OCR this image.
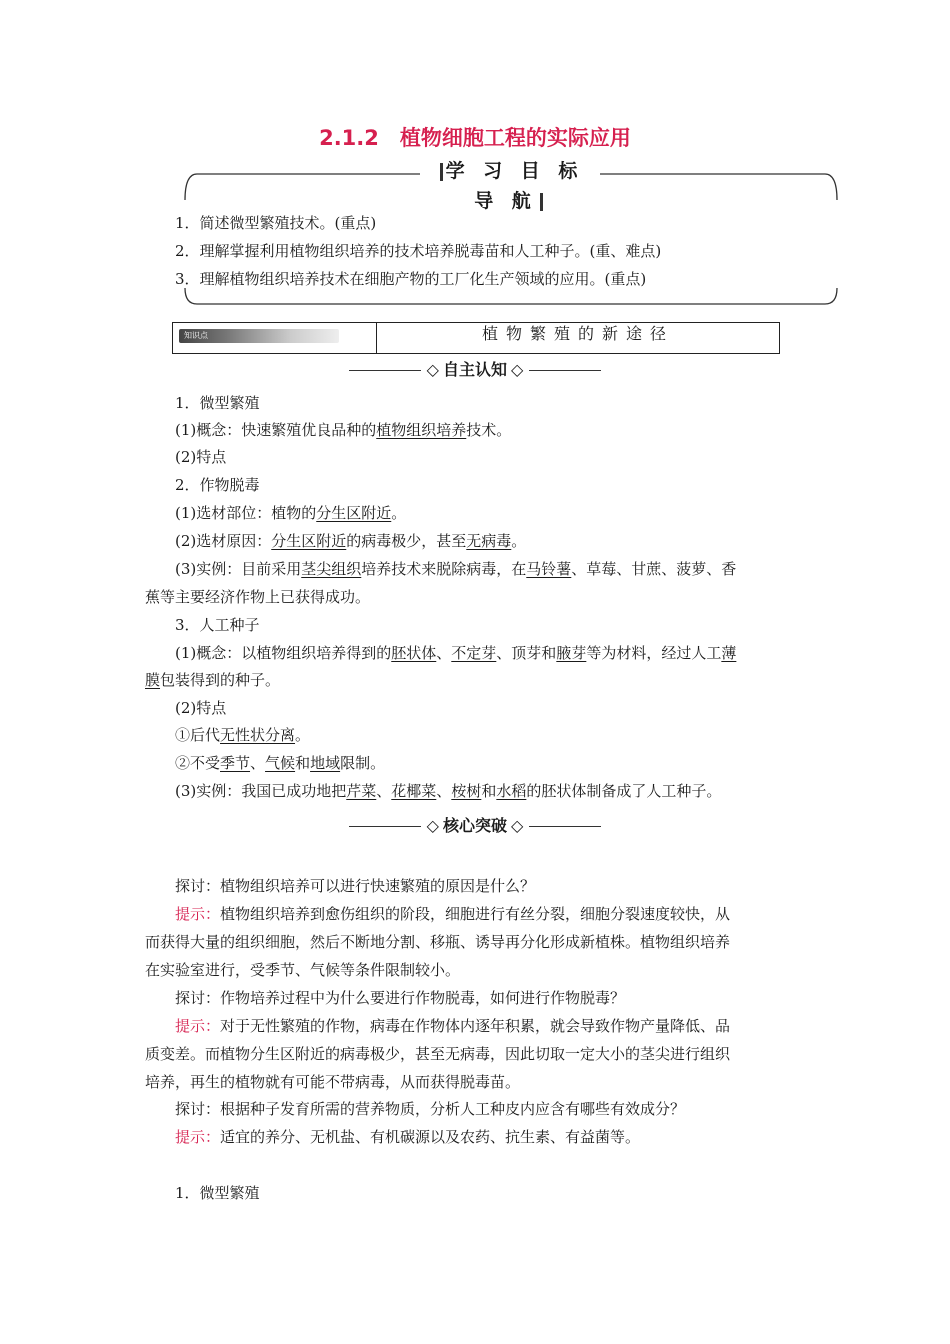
2.1.2　植物细胞工程的实际应用
学 习 目 标 导 航
1．简述微型繁殖技术。(重点)
2．理解掌握利用植物组织培养的技术培养脱毒苗和人工种子。(重、难点)
3．理解植物组织培养技术在细胞产物的工厂化生产领域的应用。(重点)
知识点	植物繁殖的新途径
◇ 自主认知 ◇
1．微型繁殖
(1)概念：快速繁殖优良品种的植物组织培养技术。
(2)特点
2．作物脱毒
(1)选材部位：植物的分生区附近。
(2)选材原因：分生区附近的病毒极少，甚至无病毒。
(3)实例：目前采用茎尖组织培养技术来脱除病毒，在马铃薯、草莓、甘蔗、菠萝、香
蕉等主要经济作物上已获得成功。
3．人工种子
(1)概念：以植物组织培养得到的胚状体、不定芽、顶芽和腋芽等为材料，经过人工薄
膜包装得到的种子。
(2)特点
①后代无性状分离。
②不受季节、气候和地域限制。
(3)实例：我国已成功地把芹菜、花椰菜、桉树和水稻的胚状体制备成了人工种子。
◇ 核心突破 ◇
探讨：植物组织培养可以进行快速繁殖的原因是什么？
提示：植物组织培养到愈伤组织的阶段，细胞进行有丝分裂，细胞分裂速度较快，从
而获得大量的组织细胞，然后不断地分割、移瓶、诱导再分化形成新植株。植物组织培养
在实验室进行，受季节、气候等条件限制较小。
探讨：作物培养过程中为什么要进行作物脱毒，如何进行作物脱毒？
提示：对于无性繁殖的作物，病毒在作物体内逐年积累，就会导致作物产量降低、品
质变差。而植物分生区附近的病毒极少，甚至无病毒，因此切取一定大小的茎尖进行组织
培养，再生的植物就有可能不带病毒，从而获得脱毒苗。
探讨：根据种子发育所需的营养物质，分析人工种皮内应含有哪些有效成分？
提示：适宜的养分、无机盐、有机碳源以及农药、抗生素、有益菌等。
1．微型繁殖
